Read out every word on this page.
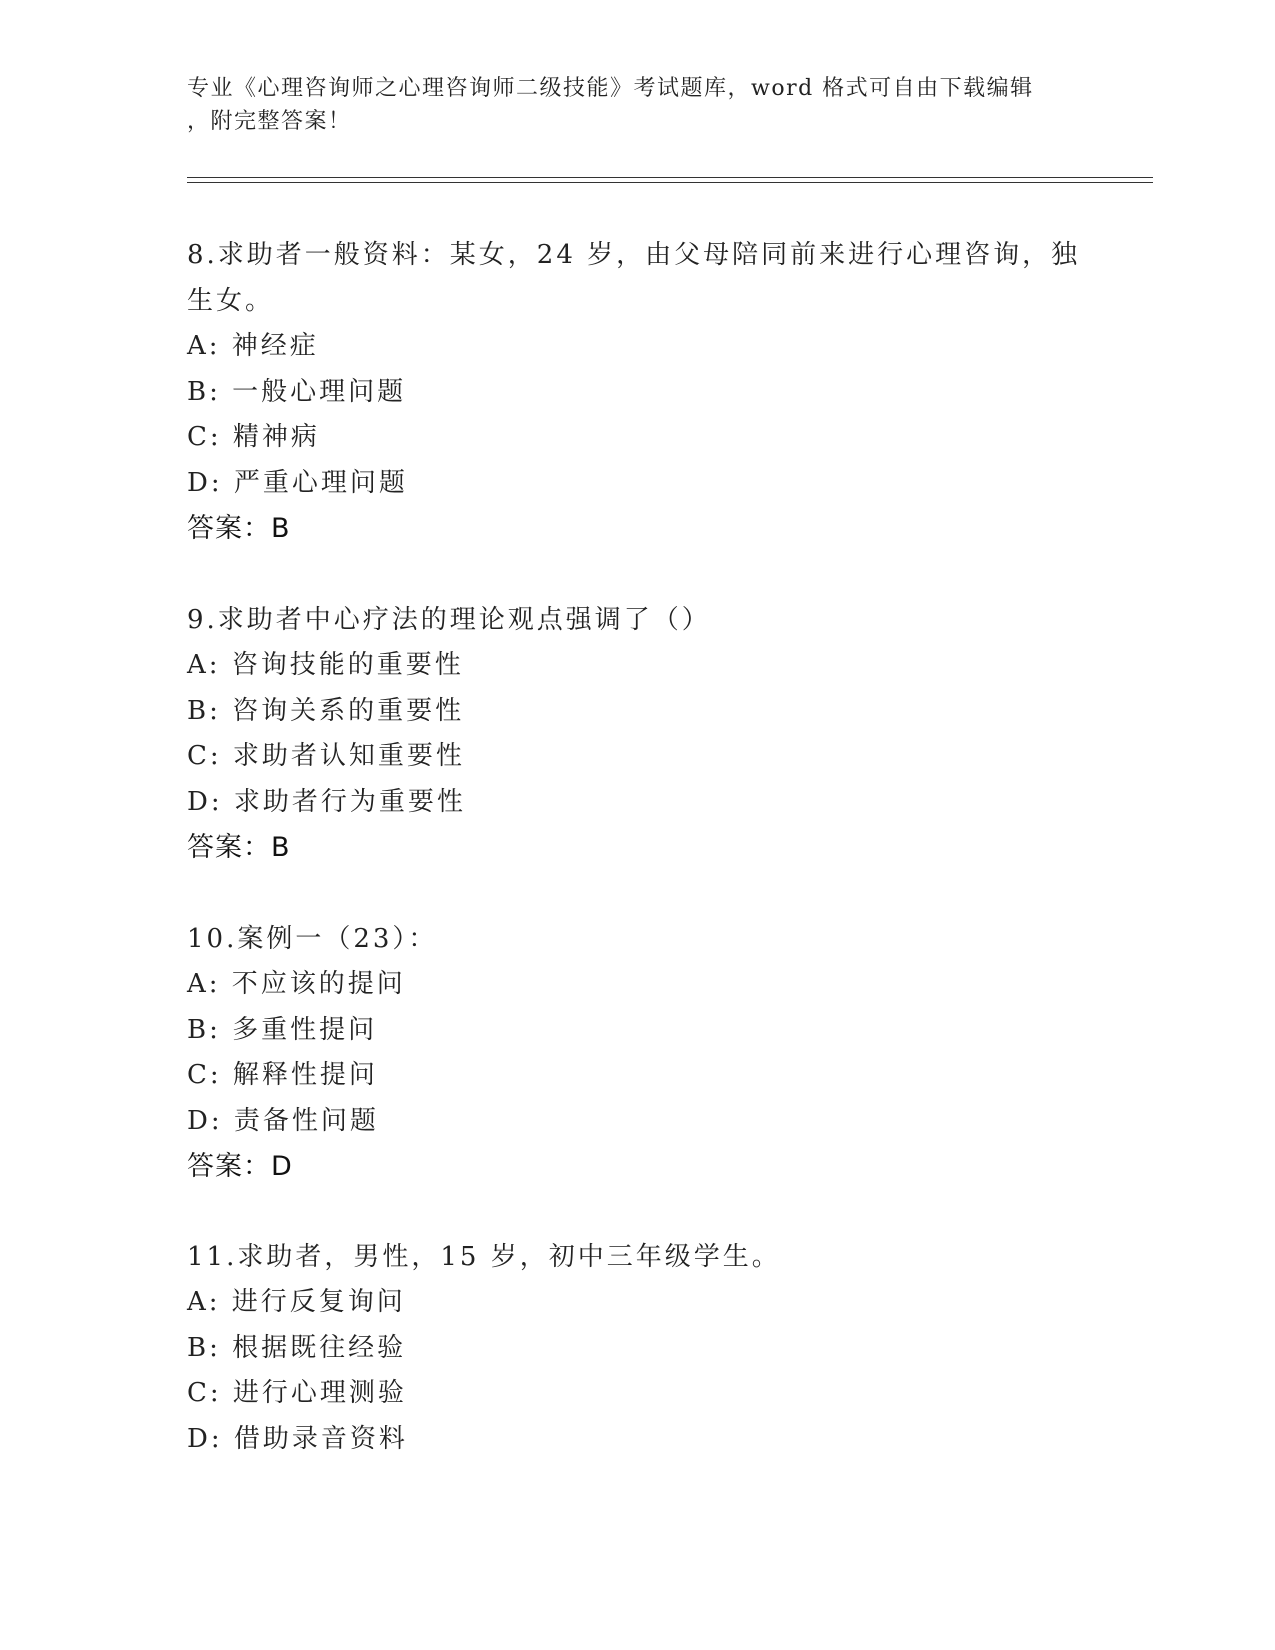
专业《心理咨询师之心理咨询师二级技能》考试题库，word 格式可自由下载编辑
，附完整答案！
8.求助者一般资料：某女，24 岁，由父母陪同前来进行心理咨询，独
生女。
A: 神经症
B: 一般心理问题
C: 精神病
D: 严重心理问题
答案：B
9.求助者中心疗法的理论观点强调了（）
A: 咨询技能的重要性
B: 咨询关系的重要性
C: 求助者认知重要性
D: 求助者行为重要性
答案：B
10.案例一（23）：
A: 不应该的提问
B: 多重性提问
C: 解释性提问
D: 责备性问题
答案：D
11.求助者，男性，15 岁，初中三年级学生。
A: 进行反复询问
B: 根据既往经验
C: 进行心理测验
D: 借助录音资料
